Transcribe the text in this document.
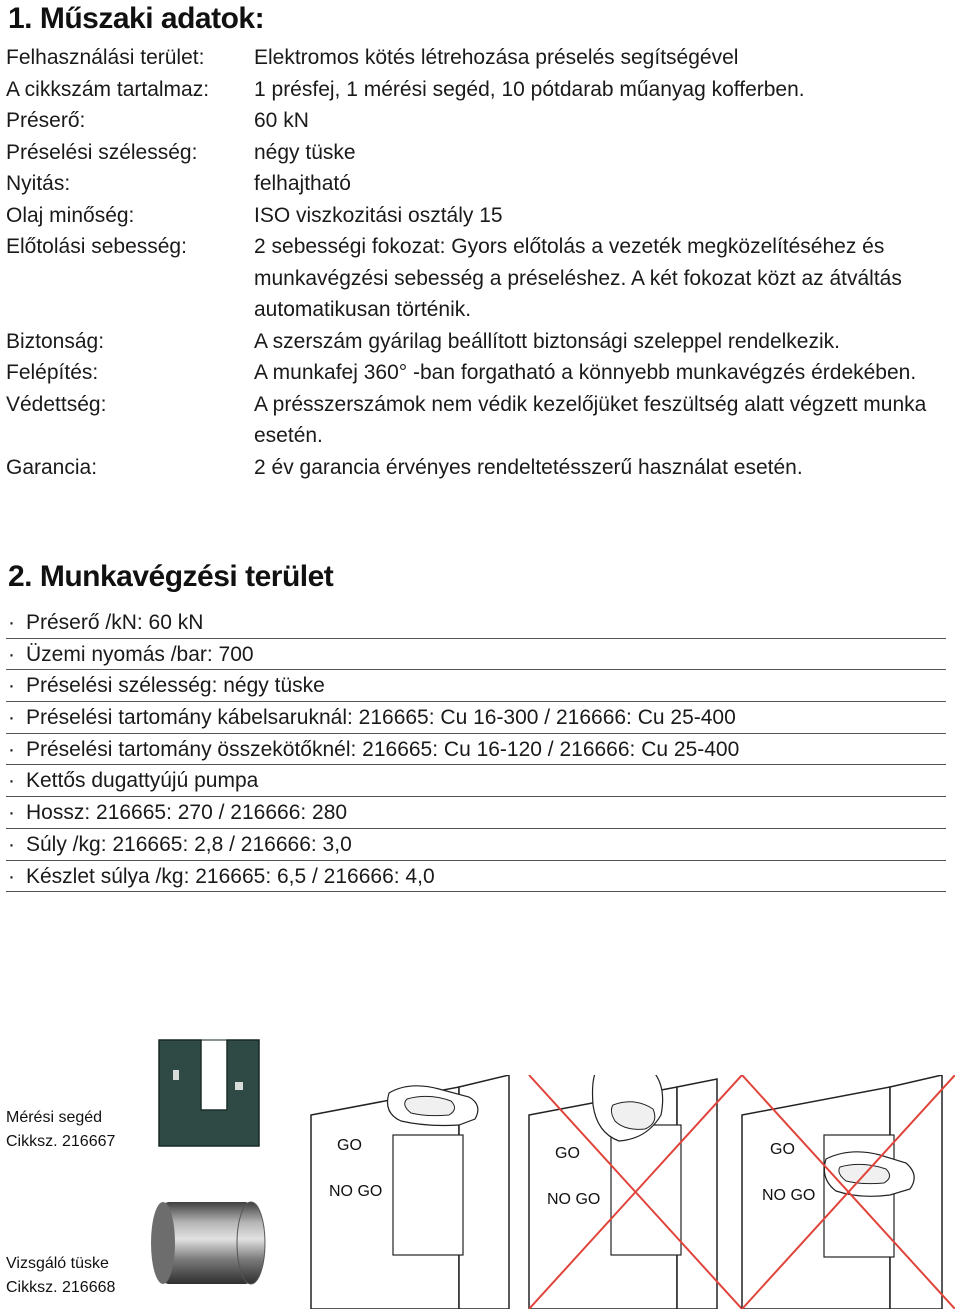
1. Műszaki adatok:
Felhasználási terület:	Elektromos kötés létrehozása préselés segítségével
A cikkszám tartalmaz:	1 présfej, 1 mérési segéd, 10 pótdarab műanyag kofferben.
Préserő:	60 kN
Préselési szélesség:	négy tüske
Nyitás:	felhajtható
Olaj minőség:	ISO viszkozitási osztály 15
Előtolási sebesség:	2 sebességi fokozat: Gyors előtolás a vezeték megközelítéséhez és munkavégzési sebesség a préseléshez. A két fokozat közt az átváltás automatikusan történik.
Biztonság:	A szerszám gyárilag beállított biztonsági szeleppel rendelkezik.
Felépítés:	A munkafej 360° -ban forgatható a könnyebb munkavégzés érdekében.
Védettség:	A présszerszámok nem védik kezelőjüket feszültség alatt végzett munka esetén.
Garancia:	2 év garancia érvényes rendeltetésszerű használat esetén.
2. Munkavégzési terület
· Préserő /kN: 60 kN
· Üzemi nyomás /bar: 700
· Préselési szélesség: négy tüske
· Préselési tartomány kábelsaruknál: 216665: Cu 16-300 / 216666: Cu 25-400
· Préselési tartomány összekötőknél: 216665: Cu 16-120 / 216666: Cu 25-400
· Kettős dugattyújú pumpa
· Hossz: 216665: 270 / 216666: 280
· Súly /kg: 216665: 2,8 / 216666: 3,0
· Készlet súlya /kg: 216665: 6,5 / 216666: 4,0
Mérési segéd
Cikksz. 216667
Vizsgáló tüske
Cikksz. 216668
GO
NO GO
GO
NO GO
GO
NO GO
